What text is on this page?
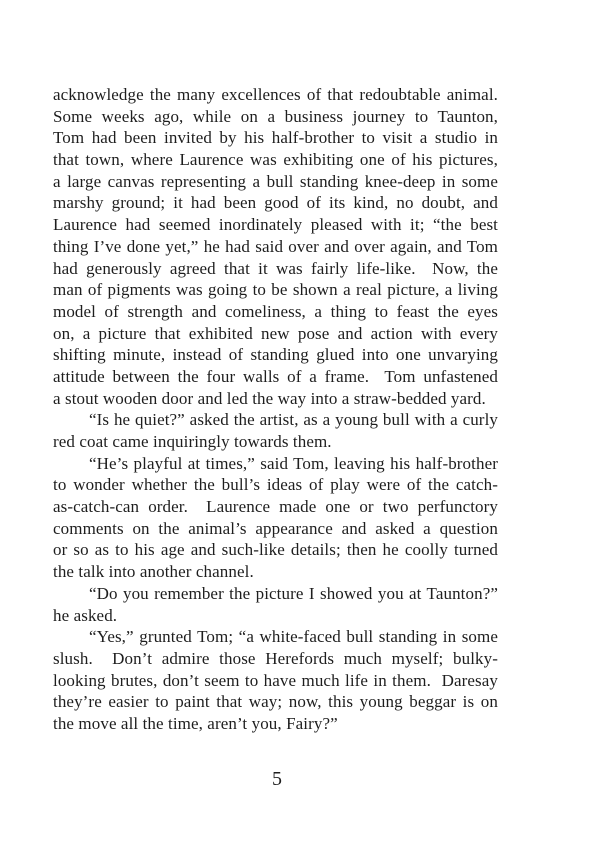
acknowledge the many excellences of that redoubtable animal.
Some weeks ago, while on a business journey to Taunton,
Tom had been invited by his half-brother to visit a studio in
that town, where Laurence was exhibiting one of his pictures,
a large canvas representing a bull standing knee-deep in some
marshy ground; it had been good of its kind, no doubt, and
Laurence had seemed inordinately pleased with it; “the best
thing I’ve done yet,” he had said over and over again, and Tom
had generously agreed that it was fairly life-like.  Now, the
man of pigments was going to be shown a real picture, a living
model of strength and comeliness, a thing to feast the eyes
on, a picture that exhibited new pose and action with every
shifting minute, instead of standing glued into one unvarying
attitude between the four walls of a frame.  Tom unfastened
a stout wooden door and led the way into a straw-bedded yard.
“Is he quiet?” asked the artist, as a young bull with a curly
red coat came inquiringly towards them.
“He’s playful at times,” said Tom, leaving his half-brother
to wonder whether the bull’s ideas of play were of the catch-
as-catch-can order.  Laurence made one or two perfunctory
comments on the animal’s appearance and asked a question
or so as to his age and such-like details; then he coolly turned
the talk into another channel.
“Do you remember the picture I showed you at Taunton?”
he asked.
“Yes,” grunted Tom; “a white-faced bull standing in some
slush.  Don’t admire those Herefords much myself; bulky-
looking brutes, don’t seem to have much life in them.  Daresay
they’re easier to paint that way; now, this young beggar is on
the move all the time, aren’t you, Fairy?”
5
